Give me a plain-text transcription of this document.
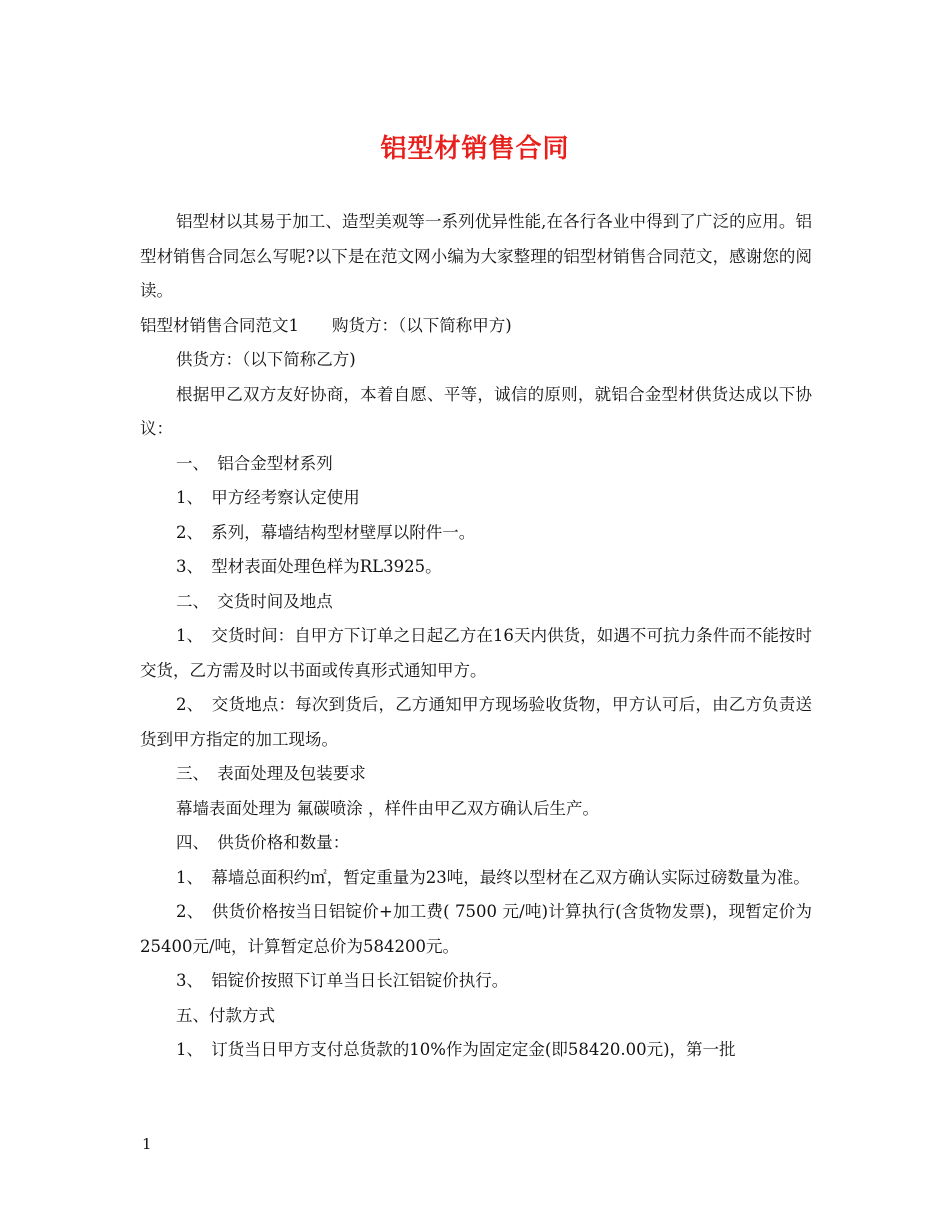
铝型材销售合同

铝型材以其易于加工、造型美观等一系列优异性能,在各行各业中得到了广泛的应用。铝型材销售合同怎么写呢?以下是在范文网小编为大家整理的铝型材销售合同范文，感谢您的阅读。

铝型材销售合同范文1　　购货方：（以下简称甲方)

供货方：（以下简称乙方)

根据甲乙双方友好协商，本着自愿、平等，诚信的原则，就铝合金型材供货达成以下协议：

一、　铝合金型材系列

1、　甲方经考察认定使用

2、　系列，幕墙结构型材壁厚以附件一。

3、　型材表面处理色样为RL3925。

二、　交货时间及地点

1、　交货时间：自甲方下订单之日起乙方在16天内供货，如遇不可抗力条件而不能按时交货，乙方需及时以书面或传真形式通知甲方。

2、　交货地点：每次到货后，乙方通知甲方现场验收货物，甲方认可后，由乙方负责送货到甲方指定的加工现场。

三、　表面处理及包装要求

幕墙表面处理为 氟碳喷涂 ，样件由甲乙双方确认后生产。

四、　供货价格和数量：

1、　幕墙总面积约㎡，暂定重量为23吨，最终以型材在乙双方确认实际过磅数量为准。

2、　供货价格按当日铝锭价+加工费( 7500 元/吨)计算执行(含货物发票)，现暂定价为25400元/吨，计算暂定总价为584200元。

3、　铝锭价按照下订单当日长江铝锭价执行。

五、付款方式

1、　订货当日甲方支付总货款的10%作为固定定金(即58420.00元)，第一批

1
